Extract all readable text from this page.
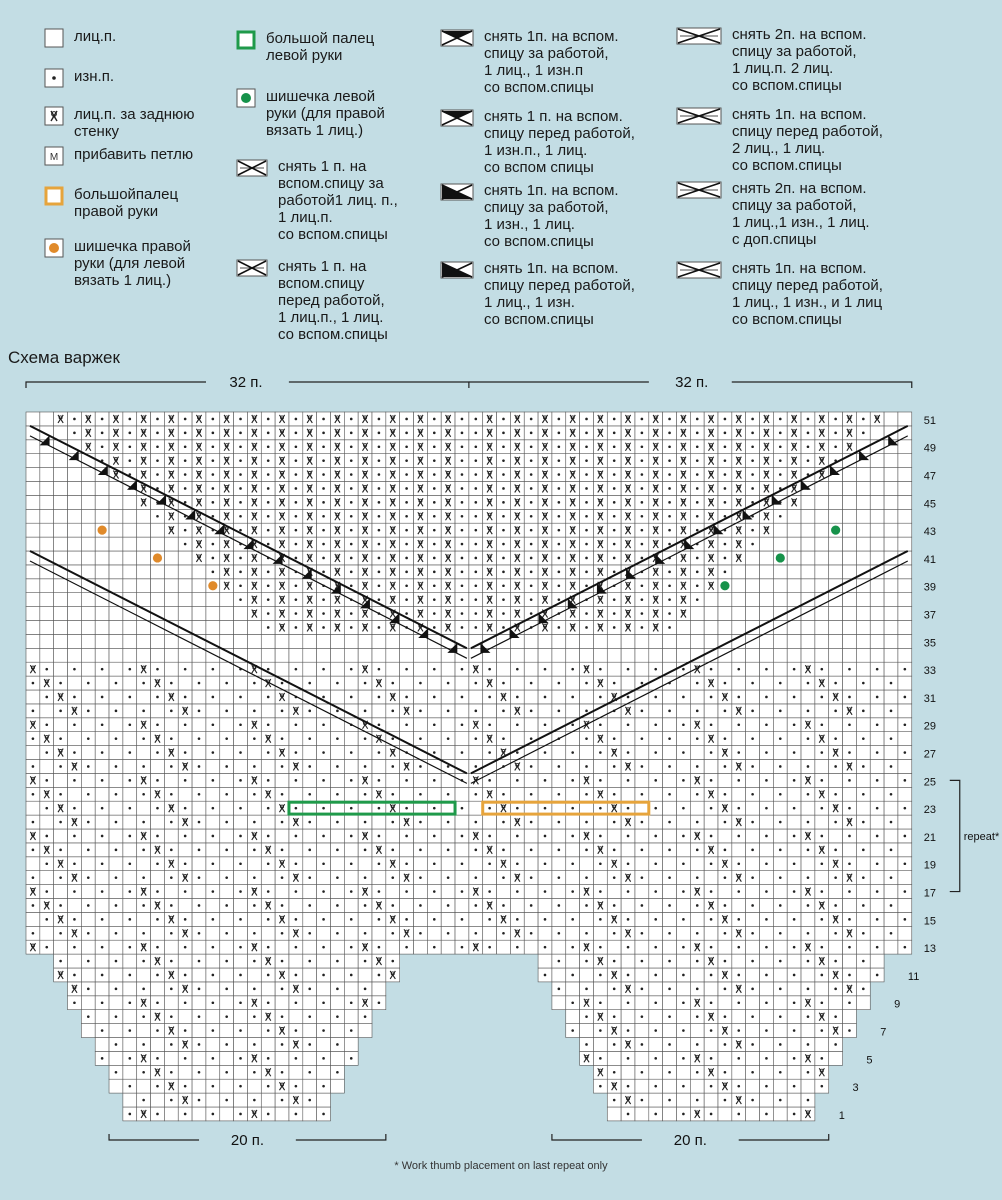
лиц.п.
изн.п.
лиц.п. за заднюю
стенку
M прибавить петлю
большойпалец
правой руки
шишечка правой
руки (для левой
вязать 1 лиц.)
большой палец
левой руки
шишечка левой
руки (для правой
вязать 1 лиц.)
снять 1 п. на
вспом.спицу за
работой1 лиц. п.,
1 лиц.п.
со вспом.спицы
снять 1 п. на
вспом.спицу
перед работой,
1 лиц.п., 1 лиц.
со вспом.спицы
снять 1п. на вспом.
спицу за работой,
1 лиц., 1 изн.п
со вспом.спицы
снять 1 п. на вспом.
спицу перед работой,
1 изн.п., 1 лиц.
со вспом спицы
снять 1п. на вспом.
спицу за работой,
1 изн., 1 лиц.
со вспом.спицы
снять 1п. на вспом.
спицу перед работой,
1 лиц., 1 изн.
со вспом.спицы
снять 2п. на вспом.
спицу за работой,
1 лиц.п. 2 лиц.
со вспом.спицы
снять 1п. на вспом.
спицу перед работой,
2 лиц., 1 лиц.
со вспом.спицы
снять 2п. на вспом.
спицу за работой,
1 лиц.,1 изн., 1 лиц.
с доп.спицы
снять 1п. на вспом.
спицу перед работой,
1 лиц., 1 изн., и 1 лиц
со вспом.спицы
Схема варжек
32 п.	32 п.
20 п.	20 п.
51
49
47
45
43
41
39
37
35
33
31
29
27
25
23
21
19
17
15
13
11
9
7
5
3
1
repeat*
* Work thumb placement on last repeat only
